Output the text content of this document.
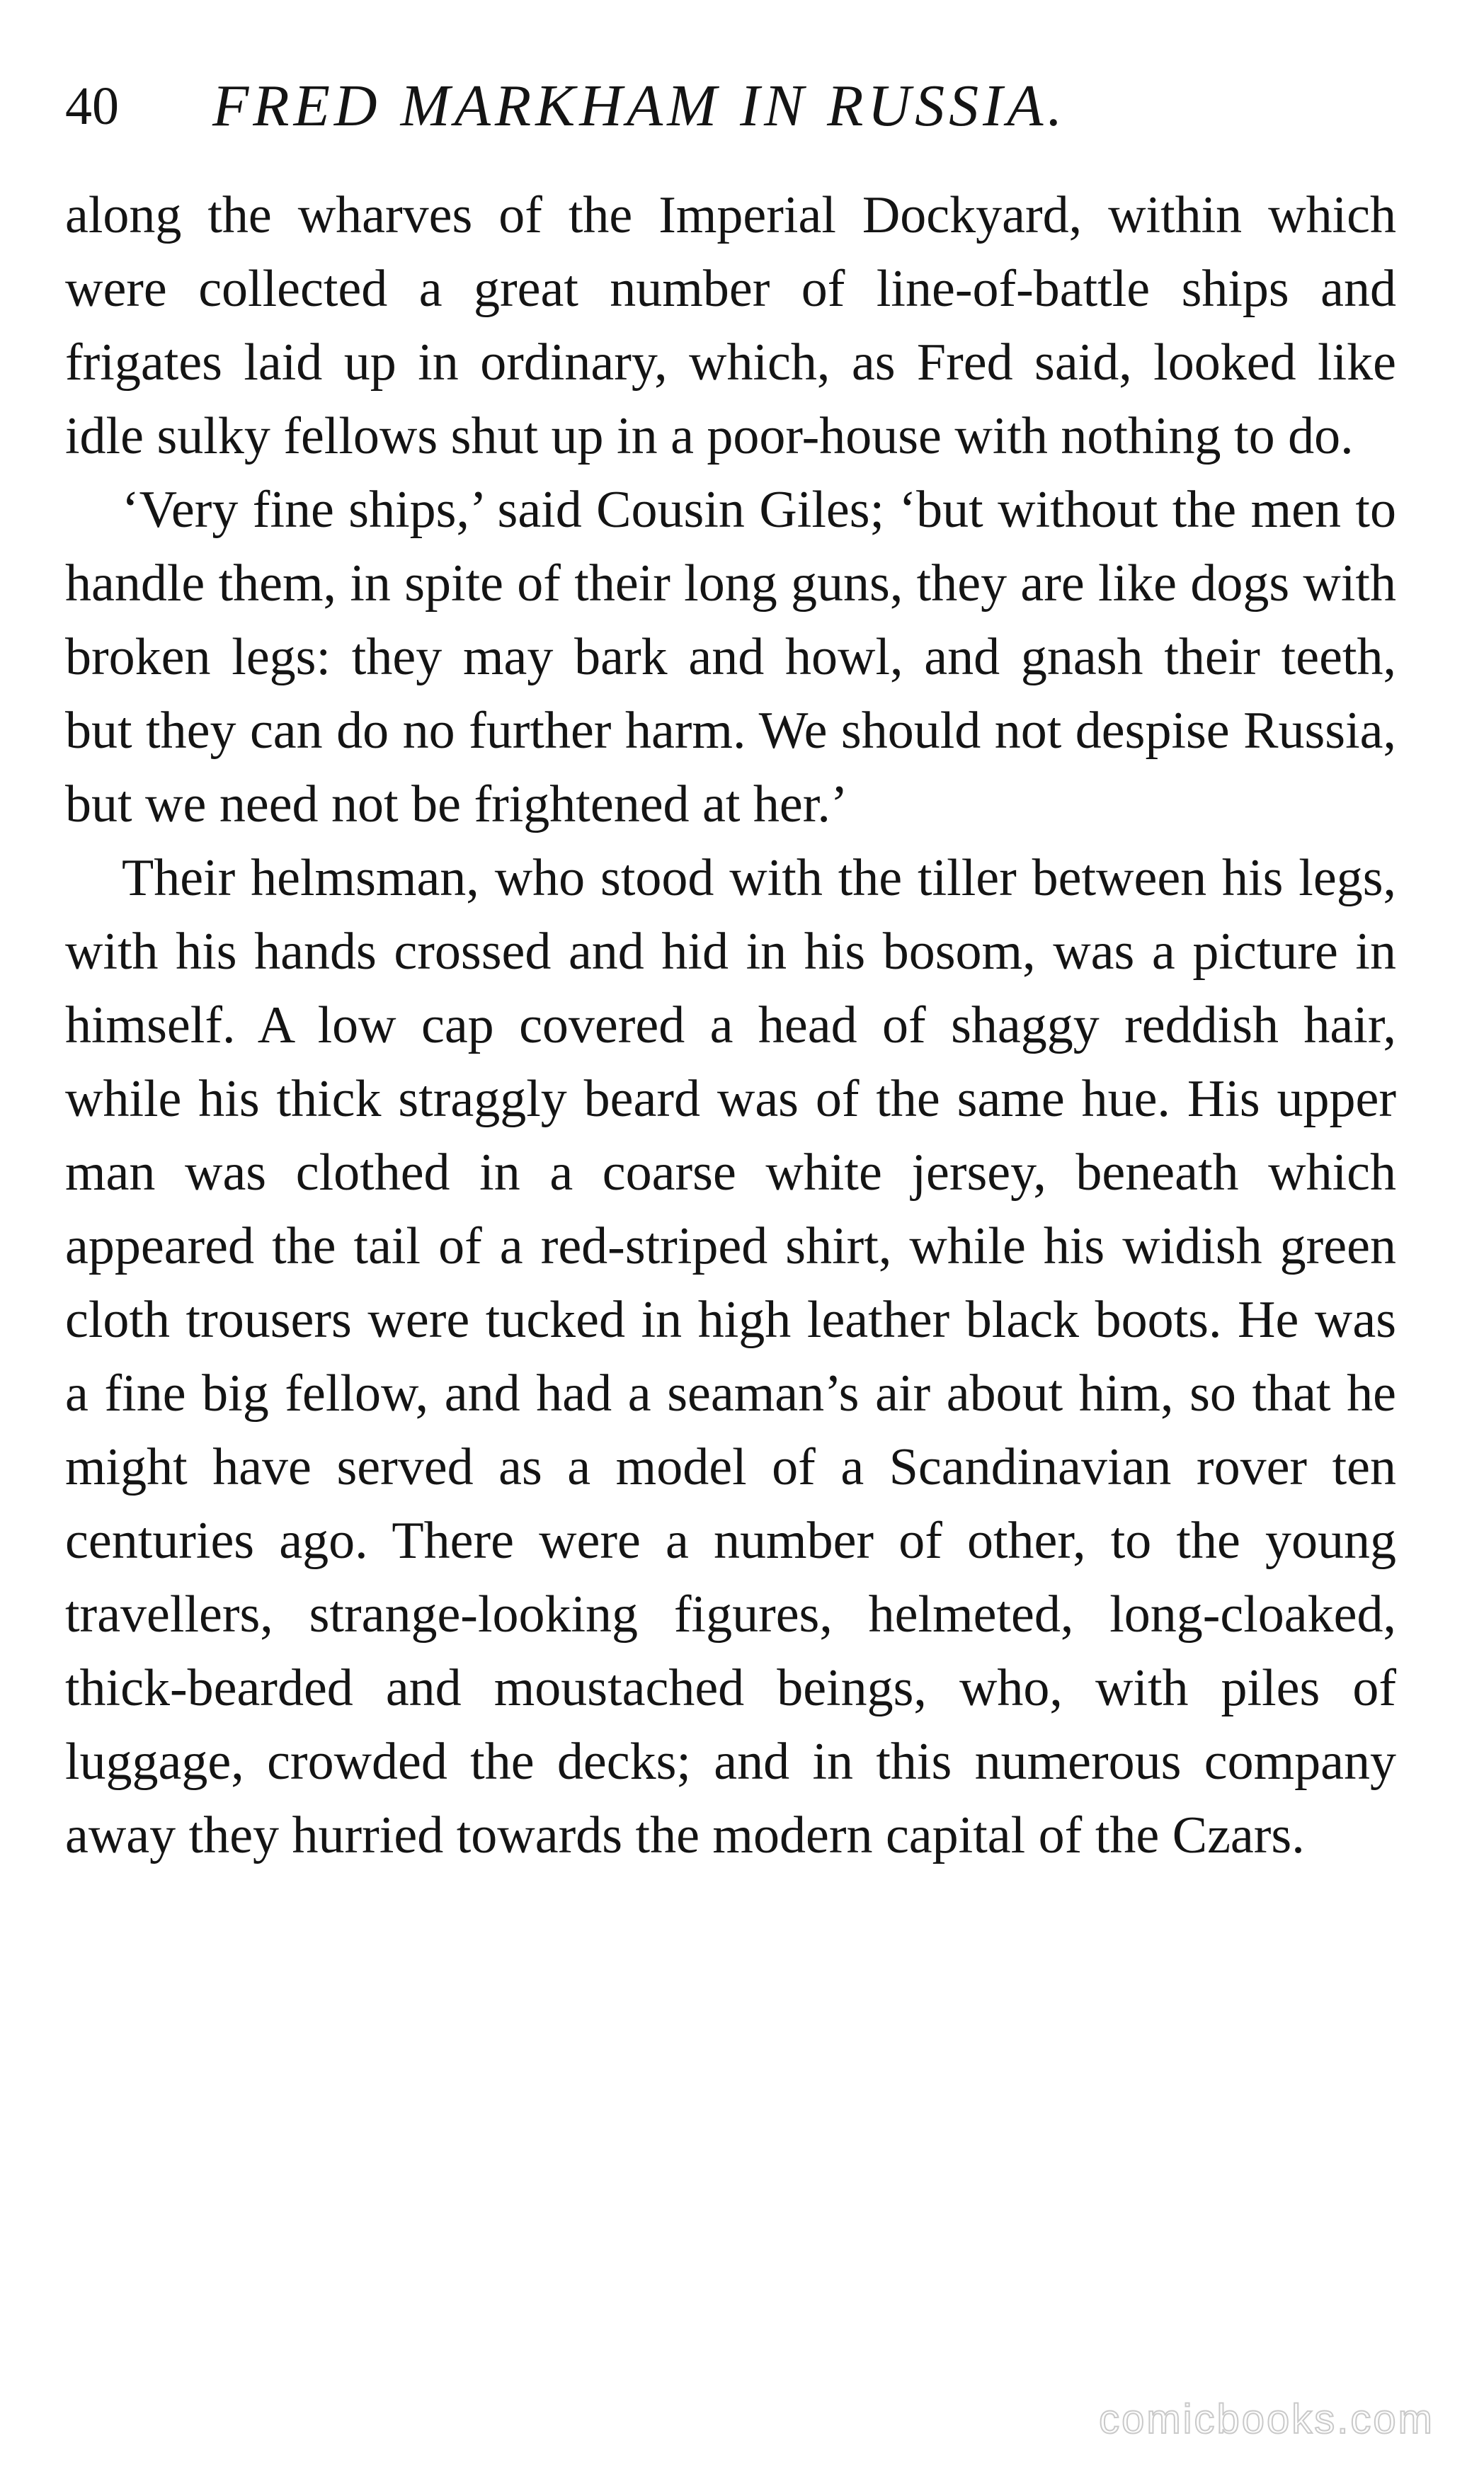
40 FRED MARKHAM IN RUSSIA.

along the wharves of the Imperial Dockyard, within which were collected a great number of line-of-battle ships and frigates laid up in ordinary, which, as Fred said, looked like idle sulky fellows shut up in a poor-house with nothing to do.

‘Very fine ships,’ said Cousin Giles; ‘but without the men to handle them, in spite of their long guns, they are like dogs with broken legs: they may bark and howl, and gnash their teeth, but they can do no further harm. We should not despise Russia, but we need not be frightened at her.’

Their helmsman, who stood with the tiller between his legs, with his hands crossed and hid in his bosom, was a picture in himself. A low cap covered a head of shaggy reddish hair, while his thick straggly beard was of the same hue. His upper man was clothed in a coarse white jersey, beneath which appeared the tail of a red-striped shirt, while his widish green cloth trousers were tucked in high leather black boots. He was a fine big fellow, and had a seaman’s air about him, so that he might have served as a model of a Scandinavian rover ten centuries ago. There were a number of other, to the young travellers, strange-looking figures, helmeted, long-cloaked, thick-bearded and moustached beings, who, with piles of luggage, crowded the decks; and in this numerous company away they hurried towards the modern capital of the Czars.

comicbooks.com
